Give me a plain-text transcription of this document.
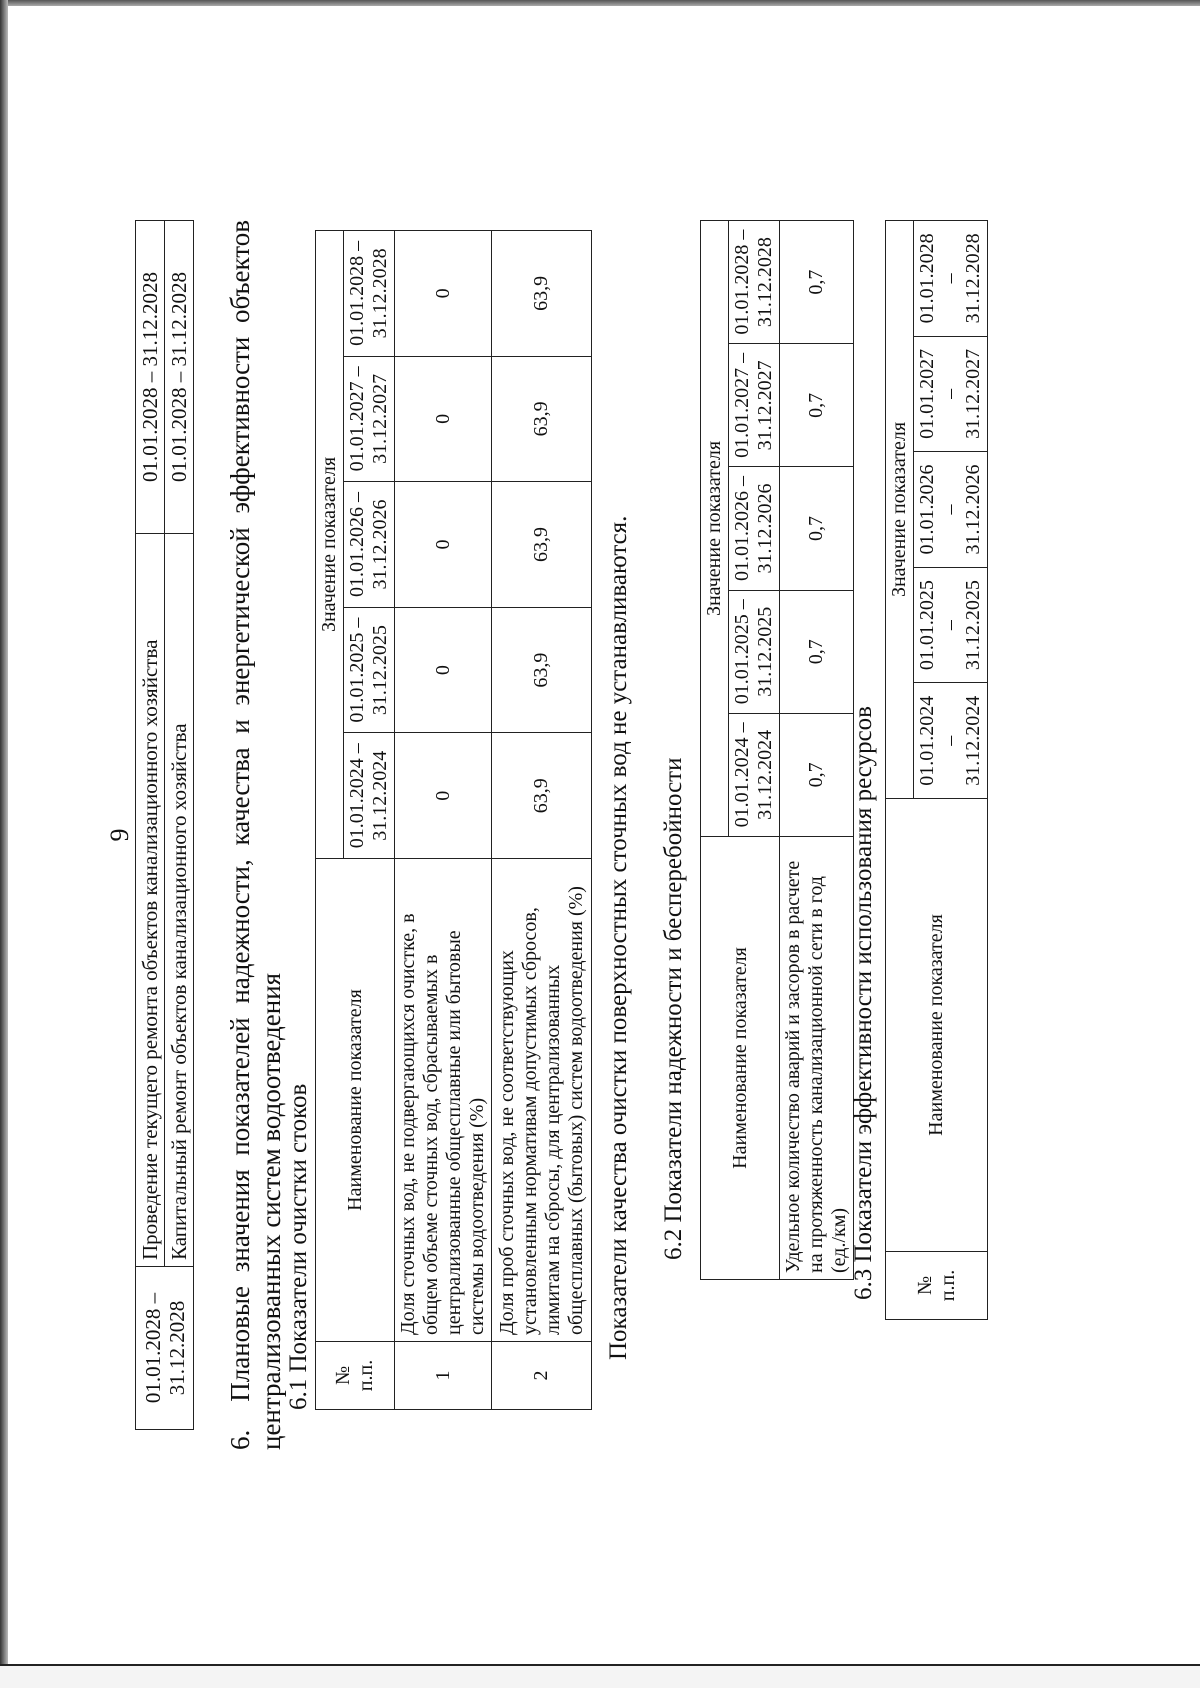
9
01.01.2028 – 31.12.2028	Проведение текущего ремонта объектов канализационного хозяйства	01.01.2028 – 31.12.2028
	Капитальный ремонт объектов канализационного хозяйства	01.01.2028 – 31.12.2028
6.Плановые значения показателей надежности, качества и энергетической эффективности объектов централизованных систем водоотведения
6.1 Показатели очистки стоков № п.п.	Наименование показателя	Значение показателя				
		01.01.2024 – 31.12.2024	01.01.2025 – 31.12.2025	01.01.2026 – 31.12.2026	01.01.2027 – 31.12.2027	01.01.2028 – 31.12.2028
1	Доля сточных вод, не подвергающихся очистке, в общем объеме сточных вод, сбрасываемых в централизованные общесплавные или бытовые системы водоотведения (%)	0	0	0	0	0
2	Доля проб сточных вод, не соответствующих установленным нормативам допустимых сбросов, лимитам на сбросы, для централизованных общесплавных (бытовых) систем водоотведения (%)	63,9	63,9	63,9	63,9	63,9
Показатели качества очистки поверхностных сточных вод не устанавливаются. 6.2 Показатели надежности и бесперебойности Наименование показателя	Значение показателя				
	01.01.2024 – 31.12.2024	01.01.2025 – 31.12.2025	01.01.2026 – 31.12.2026	01.01.2027 – 31.12.2027	01.01.2028 – 31.12.2028
Удельное количество аварий и засоров в расчете на протяженность канализационной сети в год (ед./км)	0,7	0,7	0,7	0,7	0,7
6.3 Показатели эффективности использования ресурсов № п.п.	Наименование показателя	Значение показателя				
		01.01.2024 – 31.12.2024	01.01.2025 – 31.12.2025	01.01.2026 – 31.12.2026	01.01.2027 – 31.12.2027	01.01.2028 – 31.12.2028
